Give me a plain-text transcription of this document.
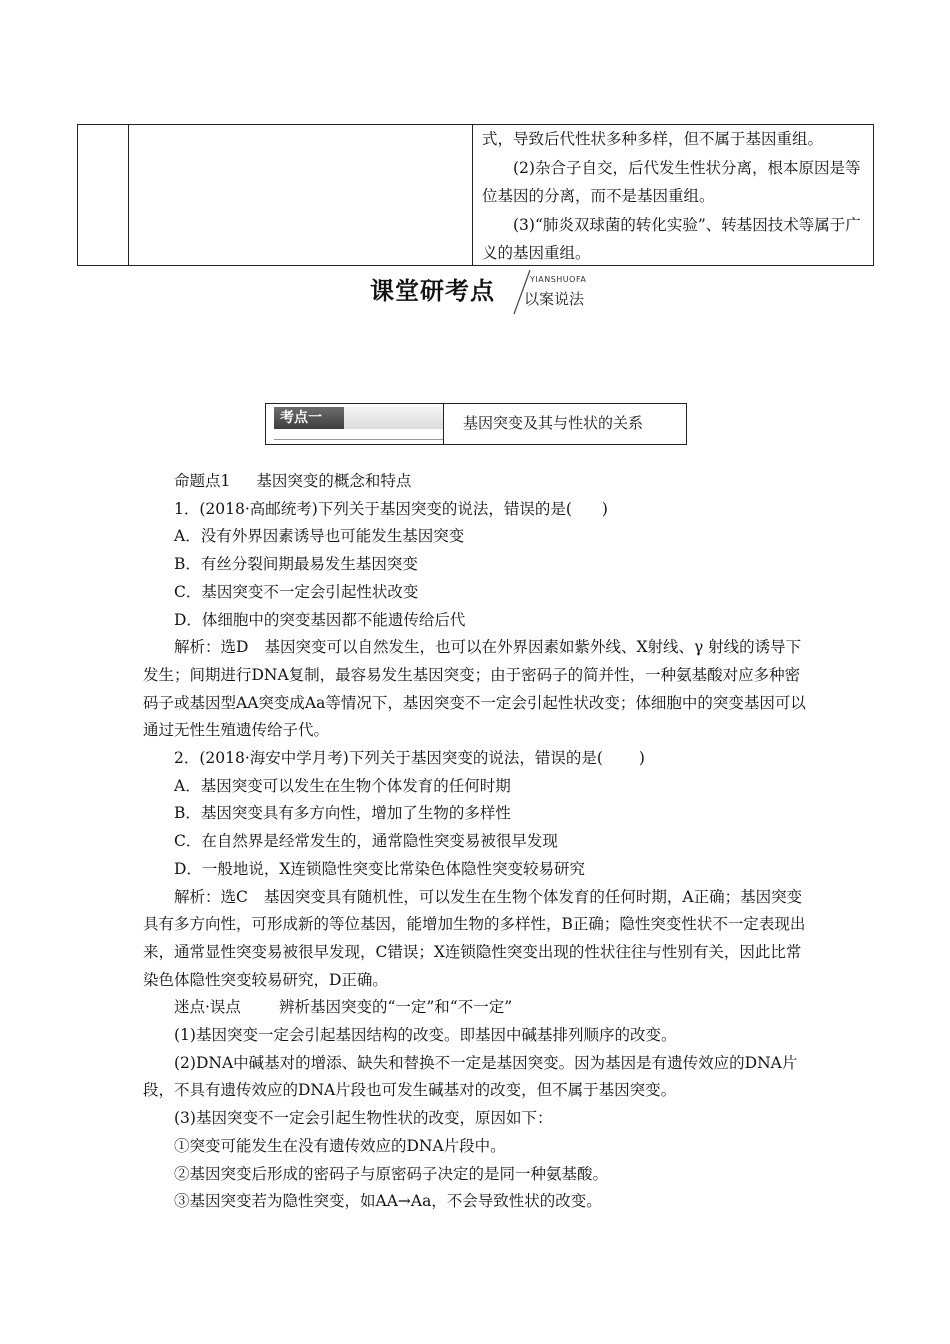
式，导致后代性状多种多样，但不属于基因重组。

(2)杂合子自交，后代发生性状分离，根本原因是等位基因的分离，而不是基因重组。

(3)“肺炎双球菌的转化实验”、转基因技术等属于广义的基因重组。

课堂研考点	YIANSHUOFA
以案说法
考点一	基因突变及其与性状的关系

命题点1 基因突变的概念和特点

1．(2018·高邮统考)下列关于基因突变的说法，错误的是( )

A．没有外界因素诱导也可能发生基因突变

B．有丝分裂间期最易发生基因突变

C．基因突变不一定会引起性状改变

D．体细胞中的突变基因都不能遗传给后代

解析：选D 基因突变可以自然发生，也可以在外界因素如紫外线、X射线、γ 射线的诱导下发生；间期进行DNA复制，最容易发生基因突变；由于密码子的简并性，一种氨基酸对应多种密码子或基因型AA突变成Aa等情况下，基因突变不一定会引起性状改变；体细胞中的突变基因可以通过无性生殖遗传给子代。

2．(2018·海安中学月考)下列关于基因突变的说法，错误的是( )

A．基因突变可以发生在生物个体发育的任何时期

B．基因突变具有多方向性，增加了生物的多样性

C．在自然界是经常发生的，通常隐性突变易被很早发现

D．一般地说，X连锁隐性突变比常染色体隐性突变较易研究

解析：选C 基因突变具有随机性，可以发生在生物个体发育的任何时期，A正确；基因突变具有多方向性，可形成新的等位基因，能增加生物的多样性，B正确；隐性突变性状不一定表现出来，通常显性突变易被很早发现，C错误；X连锁隐性突变出现的性状往往与性别有关，因此比常染色体隐性突变较易研究，D正确。

迷点·误点 辨析基因突变的“一定”和“不一定”

(1)基因突变一定会引起基因结构的改变。即基因中碱基排列顺序的改变。

(2)DNA中碱基对的增添、缺失和替换不一定是基因突变。因为基因是有遗传效应的DNA片段，不具有遗传效应的DNA片段也可发生碱基对的改变，但不属于基因突变。

(3)基因突变不一定会引起生物性状的改变，原因如下：

①突变可能发生在没有遗传效应的DNA片段中。

②基因突变后形成的密码子与原密码子决定的是同一种氨基酸。

③基因突变若为隐性突变，如AA→Aa，不会导致性状的改变。
